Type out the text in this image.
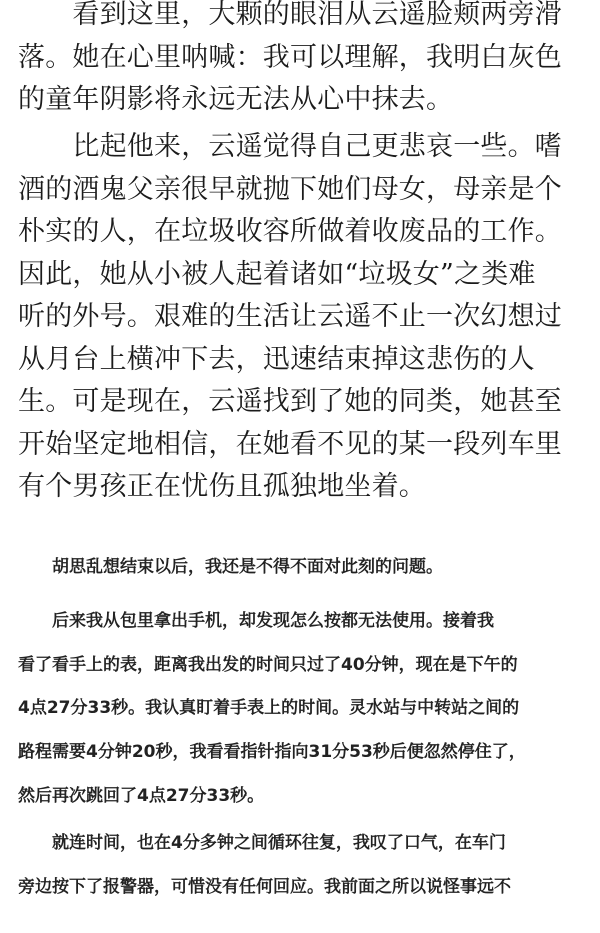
　　看到这里，大颗的眼泪从云遥脸颊两旁滑
落。她在心里呐喊：我可以理解，我明白灰色
的童年阴影将永远无法从心中抹去。
　　比起他来，云遥觉得自己更悲哀一些。嗜
酒的酒鬼父亲很早就抛下她们母女，母亲是个
朴实的人，在垃圾收容所做着收废品的工作。
因此，她从小被人起着诸如“垃圾女”之类难
听的外号。艰难的生活让云遥不止一次幻想过
从月台上横冲下去，迅速结束掉这悲伤的人
生。可是现在，云遥找到了她的同类，她甚至
开始坚定地相信，在她看不见的某一段列车里
有个男孩正在忧伤且孤独地坐着。
　　胡思乱想结束以后，我还是不得不面对此刻的问题。
　　后来我从包里拿出手机，却发现怎么按都无法使用。接着我
看了看手上的表，距离我出发的时间只过了40分钟，现在是下午的
4点27分33秒。我认真盯着手表上的时间。灵水站与中转站之间的
路程需要4分钟20秒，我看看指针指向31分53秒后便忽然停住了，
然后再次跳回了4点27分33秒。
　　就连时间，也在4分多钟之间循环往复，我叹了口气，在车门
旁边按下了报警器，可惜没有任何回应。我前面之所以说怪事远不
